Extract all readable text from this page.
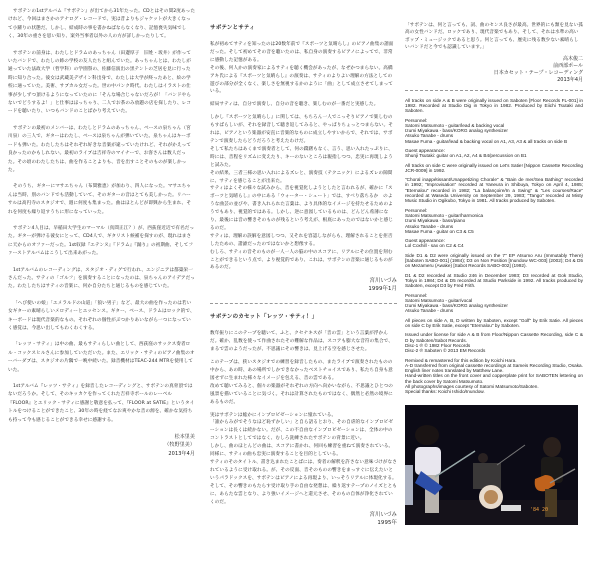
サボテンの1stアルバム『サボテン』が出てから31年たった。CDとはその間2度あったけれど、今回はまさかのアナログ・レコードで、実は昔よりもジャケットが大きくなって小躍りの状態だ。しかし、結成時の事を書かねばならなくなり、記憶喪失気味でしく、30年の重さを思い知り、案外当事者以外の人の方が詳しかったりして。

サボテンの前身は、わたしとドラムのあっちゃん（田邊厚子　旧姓・坂井）が作っていたバンドで、わたしの姉の学校の友人たちと組んでいた。あっちゃんとは、わたしが通っていた法政大学（哲学科）の学園祭の、佐藤信演出の黒テントの芝居を見に行った時に知り合った。彼女は武蔵美デザイン科出身で、わたしは大学が終ったあと、絵の学校に通っていた。美術、サブカル女だった。世の中パンク時代。わたしはイラストの仕事が少しずつ頂けるようになっていたのに「そんな場合じゃないだろが！「バンドやらないでどうするよ！」と仕事はほっちゃり、二人でお茶のみ放題の店を探したり、レコードを聴いたり、いつもバンドのことばかり考えていた。

サボテンの最初のメンバーは、わたしとドラムのあっちゃん、ベースの泉ちゃん（宮川泉）の三人で、ギターはわたし、ベースは泉ちゃんが弾いていた。泉ちゃんはキーボードも弾いた。わたしたちはそれぞれ好きな音楽が違っていたけれど、それがかえって良かったのかもしれない。最初のライブは吉祥寺のマイナーで、お客さんは数人だった。その頃のわたしたちは、曲を作ることよりも、音を出すことそのものが楽しかった。

そのうち、ギターにマサエちゃん（布間雅恵）が加わり、四人になった。マサエちゃんは当時、別のバンドでも活動していて、そのギターの音はとても美しかった。リハーサルは高円寺のスタジオで、週に何度も集まった。曲はほとんどが即興から生まれ、それを何度も繰り返すうちに形になっていった。

サボテン4人目は、早稲田大学生のマーマル（真間正江？）が、西荻窪近辺で有名だった。ギターが弾ける彼女にとって、CD4人で、ギタリスト候補を探すのが、現れはまさに天からのオファーだった。1st収録『エテンヌ』『ドラム』『踊り』の初期曲、そしてファーストアルバムはこうして出来あがった。

1stアルバムのレコーディングは、スタジオ・ディグで行われ、エンジニアは都築栄一さんだった。サティの「ゴルフ」を演奏することになったのは、泉ちゃんのアイデアだった。わたしたちはサティの音楽に、何か自分たちと通じるものを感じていた。

「へび使いの娘」「エメラルドの山道」「狼い男子」など、最大の曲を作ったのは若い女ギターの素晴らしいメロディーとエッセンス。ギター、ベース、ドラムはロック的で、キーボードは現代音楽的なもの。それぞれの個性がぶつかりあいながら一つになっていく感覚は、今思い出してもわくわくする。

「レッツ・サティ」は中の曲、最もサティらしい曲として、西荻窪のサックス奏者ロル・コックスヒルさんに参加していただいた。また、エリック・サティのピアノ曲集のオーバーダブは、スタジオの片隅で一晩中続いた。録音機材はTEAC-244 MTRを使用していた。

1stアルバム『レッツ・サティ』を録音したレコーディングと、サボテンの真骨頂ではないだろうか。そして、そのキッカケを作ってくれた吉祥寺ポールのレーベル『FLOOR』とエリック・サティに感謝と敬意を払って、『FLOOR at SATIE』というタイトルをつけることができたこと、30年の時を経てなお爽やかな音の源を、確かな気持ちも持って今も感じることができる幸せに感謝する。

松本里美
（牧野里美）
2013年4月
サボテンとサティ

私が初めてサティを知ったのは20数年前で『スポーツと気晴らし』のピアノ曲集の譜面だった。そして初めてその音を聴いたのは、私自身の演奏するピアノによってで、非常に感動した記憶がある。
その後、何人かの演奏家によるサティを聴く機会があったが、なぜかつまらない。高橋アキ氏による『スポーツと気晴らし』の演奏は、サティのよりよい理解の方法としての遊びの部分が全くなく、楽しさを無視するかのように「曲」として成立させてしまっている。

結局サティは、自分で演奏し、自分の音を聴き、楽しむのが一番だと実感した。

しかし『スポーツと気晴らし』に関しては、もちろん一人でこっそりピアノで楽しむのもすばらしいが、それを録音して聴き返してみると、やっぱりちょっとつまらない。それは、ピアノという楽器が安直に音楽的なものに成立しやすいからで、それでは、サボテンで演奏したらどうだろうと考えたわけだ。
そして私たちはあくまで演奏者として、何の躊躇もなく、言う、思い入れたっぷりに、時には、音程をリズムに変えたり、キーのないところは親指しつつ、忠実に再現しようと試みた。
その結果、三者三様の思い入れによるズレと、演奏技（テクニック）によるズレの隙間に、サティを感じることが出来た。
サティはよくその様々な試みから、音を視覚化しようとしたと言われるが、確かに『スポーツと気晴らし』の中にある「ウォーター・シュート」では、すべり落ちるか　のような曲芸の並びや、書き入れられた言葉は、より具体的なイメージを持たせるためのようでもあり、視覚的ではある。しかし、逆に意図しているものは、どんどん希薄になり、最後には音の響きそのものが残るという考えが、根底にあったのではないかと感じるのだ。
サティは、理解の誤解を意図しつつ、又それを容認しながらも、理解されることを拒否したための、諧謔だったのではないかと想像する。
むしろ、サティの音そのものが一人一人の脳の中のスコアに、リアルにその位置を刻むことができるという点で、より視覚的であり、これは、サボテンの音楽に通じるものがあるのだ。

宮川いづみ
1999年1月
サボテンのカセット「レッツ・サティ！」

数年振りにこのテープを聴いて、ふと、クセナキスが「音の雲」という言葉が浮かんだ。確か、乱数を使って作曲されたその難解な作品は、スコアも膨大な音符の集合で、まるで雲のようだったが、不思議にその響きは、見上げる空を感じさせた。

このテープは、狭いスタジオでの練習を録音したもの、またライブで演奏されたものの中から、あの時、あの場所でしかできなかったベストチョイスであり、私たち自身も意図せずに生まれた様々なイメージを包える、音の雲である。
改めて聴いてみると、個々の楽器がそれぞれの方向へ向かいながら、不思議とひとつの風景を描いていることに気づく。それは計算されたものではなく、偶然と必然の境界にあるものだ。

実はサボテンは総かにインプロビゼーションに憧れている。
「誰からみがでそうなほど恥ずかしい」と自ら語るとおり、その自虐的なインプロビゼーションは長くは続かない。だが、この不自由なインプロビゼーションは、全体の中のコントラストとしてではなく、むしろ洗練されたサボテンの背景に近い。
しかし、曲のほとんどの曲は、スコアに書かれ、何回も練習を重ねて演奏されている。
同様に、サティの曲も忠実に演奏することを目的としている。
サティのそのタイトル、書き込まれたことばには、奏者の解釈を許さない意味づけがなされているように受け取れる。が、その反面、音そのものの響きをまっすぐに伝えたいというパラドックスを、サボテンはピアノによる再現より、いっそうリアルに体現化する。
そして、その響きのもたらす受け取り手の自由な発想は、繰り返すテープのノイズとともに、あらたな雲となり、より強いイメージへと還元させ、そのもの自体が浄化されていくのだ。

宮川いづみ
1995年

「サボテンは、何と言っても、詞、曲のセンス良さが最高。世界的にも類を見ない孤高の女性バンドだ。ロックであり、現代音楽でもあり、そして、それは水準の高いポップ・ミュージックであると思う。何と言っても、歴史に残る数少ない素晴らしいバンドだと今でも認識しています。」

高木俊二
前西部ポール
日本カセット・テープ・レコーディング
2013年4月

All tracks on side A & B were originally issued on Saboten [Floor Records FL-001] in 1982. Recorded at Studio Dig in Tokyo in 1982. Produced by Eiichi Tsutaki and Saboten.

Personnel:
Satomi Matsumoto - guitar/lead & backing vocal
Izumi Miyakawa - bass/KORG analog synthesizer
Atsuko Tanabe - drums
Masae Fuma - guitar/lead & backing vocal on A1, A3, A3 & all tracks on side B

Guest appearance:
Shunji Tsutaki: guitar on A1, A2, A4 & B4/percussion on B1

All tracks on side C were originally issued on Let's Satie! [Nippon Cassette Recording JCR-0009] in 1992.

"Choral inappétissant/Unappetizing Chorale" & "Bain de mer/Sea Bathing" recorded in 1992; "Improvisation" recorded at Yaneura in Shibuya, Tokyo on April 4, 1985; "Eternalou" recorded in 1982; "La balançoire/In a Swing" & "Les courses/Race" recorded at Waseda University on September 29, 1983; "Tango" recorded at Misty Music Studio in Ogikubo, Tokyo in 1981. All tracks produced by Saboten.

Personnel:
Satomi Matsumoto - guitar/harmonica
Izumi Miyakawa - bass/piano
Atsuko Tanabe - drums
Masae Fuma - guitar on C3 & C5

Guest appearance:
Lol Coxhill - sax on C2 & C4

Side D1 & D2 were originally issued on the 7" EP Atsumo Aru (Immutably There) [Saboten SABO-001] (1984); D3 on Non Position [Inundow WC-003] (2002); D4 & D5 on Mezameru (Awake) [Sabot Records SABO-002] (1992).

D1 & D2 recorded at Studio 246 in December 1983; D3 recorded at Gok Studio, Tokyo in 1984; D4 & D5 recorded at Studio Parkside in 1992. All tracks produced by Saboten, except D3 by Fred Frith.

Personnel:
Satomi Matsumoto - guitar/vocal
Izumi Miyakawa - bass/KORG analog synthesizer
Atsuko Tanabe - drums

All pieces on side A, B, D written by Saboten, except "Golf" by Erik Satie. All pieces on side C by Erik Satie, except "Eternalou" by Saboten.

Issued under license for side A & B from Floor/Nippon Cassette Recording, side C & D by Saboten/Sabot Records.
Disc-1 ℗ © 1982 Floor Records
Disc-2 ℗ Saboten © 2013 EM Records

Remixed & remastered for this edition by Koichi Hara.
A-D transferred from original cassette recordings at Sameis Recording Studio, Osaka.
English liner notes translated by Matthew Lane.
Hand-written titles on the front cover and copperplate print for SABOTEN lettering on the back cover by Satomi Matsumoto.
All photographs/images courtesy of Satomi Matsumoto/Saboten.
Special thanks: Koichi Ishido/Inundow.

'84 20
